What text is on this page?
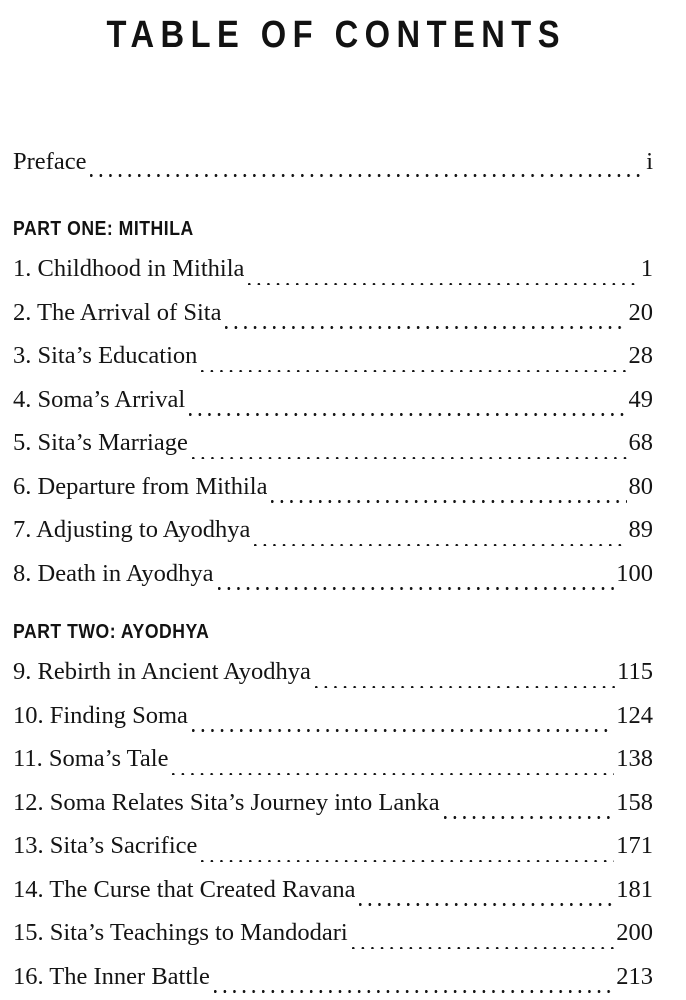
TABLE OF CONTENTS
Preface	i
PART ONE: MITHILA
1. Childhood in Mithila	1
2. The Arrival of Sita	20
3. Sita’s Education	28
4. Soma’s Arrival	49
5. Sita’s Marriage	68
6. Departure from Mithila	80
7. Adjusting to Ayodhya	89
8. Death in Ayodhya	100
PART TWO: AYODHYA
9. Rebirth in Ancient Ayodhya	115
10. Finding Soma	124
11. Soma’s Tale	138
12. Soma Relates Sita’s Journey into Lanka	158
13. Sita’s Sacrifice	171
14. The Curse that Created Ravana	181
15. Sita’s Teachings to Mandodari	200
16. The Inner Battle	213
